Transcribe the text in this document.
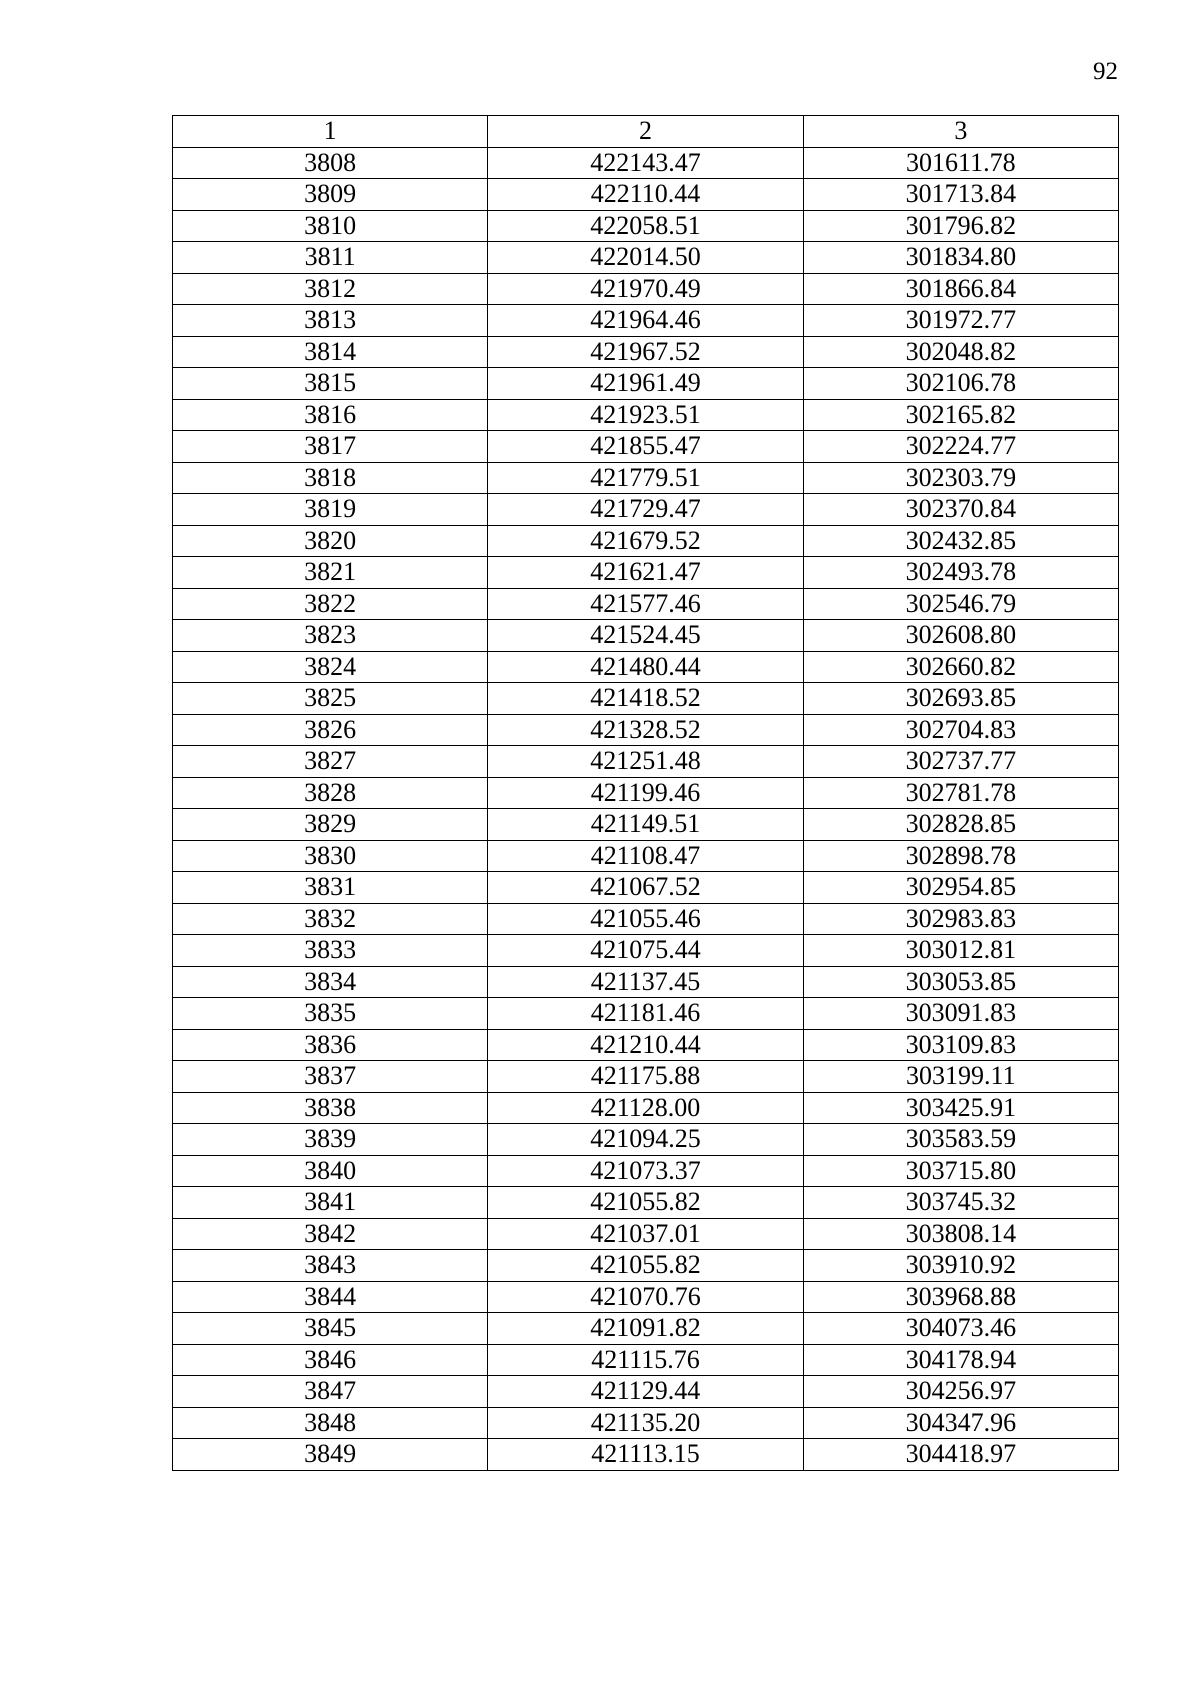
92
1	2	3
3808	422143.47	301611.78
3809	422110.44	301713.84
3810	422058.51	301796.82
3811	422014.50	301834.80
3812	421970.49	301866.84
3813	421964.46	301972.77
3814	421967.52	302048.82
3815	421961.49	302106.78
3816	421923.51	302165.82
3817	421855.47	302224.77
3818	421779.51	302303.79
3819	421729.47	302370.84
3820	421679.52	302432.85
3821	421621.47	302493.78
3822	421577.46	302546.79
3823	421524.45	302608.80
3824	421480.44	302660.82
3825	421418.52	302693.85
3826	421328.52	302704.83
3827	421251.48	302737.77
3828	421199.46	302781.78
3829	421149.51	302828.85
3830	421108.47	302898.78
3831	421067.52	302954.85
3832	421055.46	302983.83
3833	421075.44	303012.81
3834	421137.45	303053.85
3835	421181.46	303091.83
3836	421210.44	303109.83
3837	421175.88	303199.11
3838	421128.00	303425.91
3839	421094.25	303583.59
3840	421073.37	303715.80
3841	421055.82	303745.32
3842	421037.01	303808.14
3843	421055.82	303910.92
3844	421070.76	303968.88
3845	421091.82	304073.46
3846	421115.76	304178.94
3847	421129.44	304256.97
3848	421135.20	304347.96
3849	421113.15	304418.97
